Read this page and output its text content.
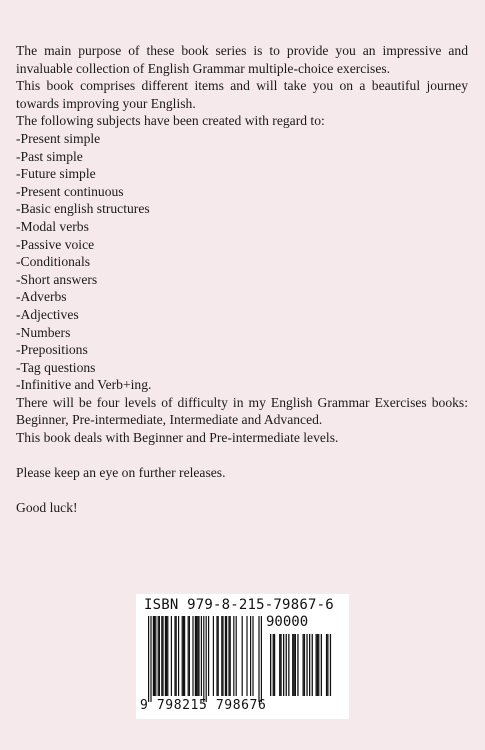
The main purpose of these book series is to provide you an impressive and invaluable collection of English Grammar multiple-choice exercises.

This book comprises different items and will take you on a beautiful journey towards improving your English.

The following subjects have been created with regard to:

-Present simple
-Past simple
-Future simple
-Present continuous
-Basic english structures
-Modal verbs
-Passive voice
-Conditionals
-Short answers
-Adverbs
-Adjectives
-Numbers
-Prepositions
-Tag questions
-Infinitive and Verb+ing.

There will be four levels of difficulty in my English Grammar Exercises books: Beginner, Pre-intermediate, Intermediate and Advanced.

This book deals with Beginner and Pre-intermediate levels.

Please keep an eye on further releases.

Good luck!

ISBN 979-8-215-79867-6
90000
9 798215 798676
